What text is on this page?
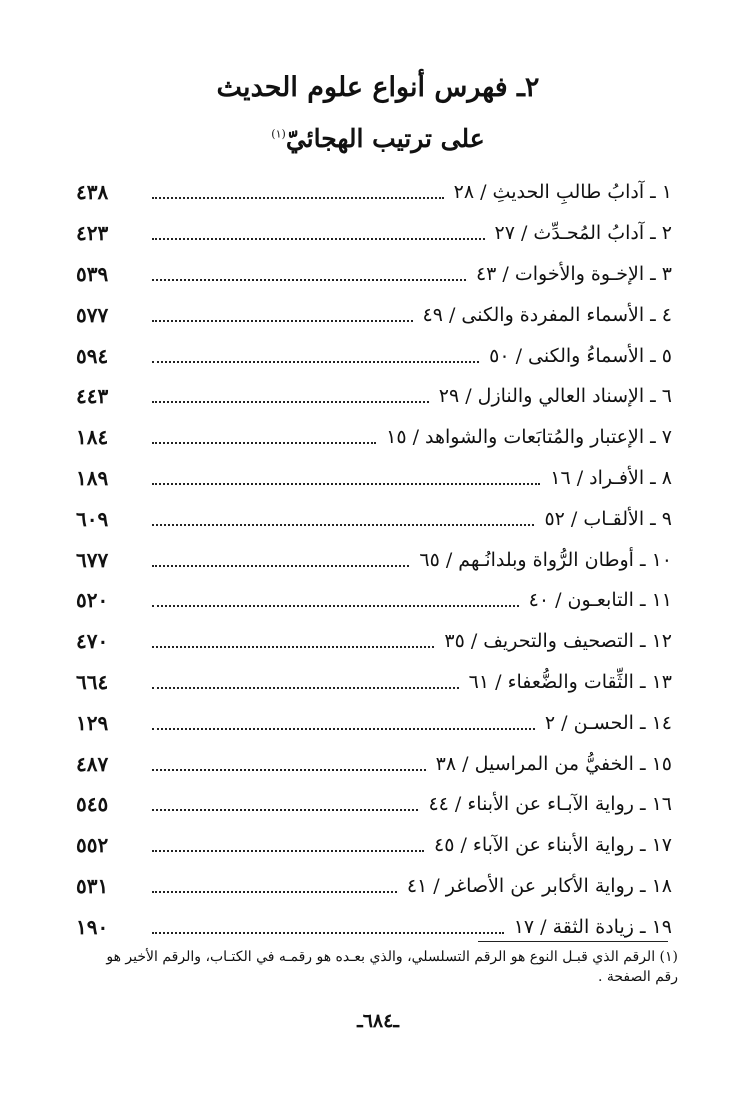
٢ـ فهرس أنواع علوم الحديث
على ترتيب الهجائيّ$^{(١)}$
٤٣٨	١ ـ آدابُ طالبِ الحديثِ / ٢٨
٤٢٣	٢ ـ آدابُ المُحـدِّث / ٢٧
٥٣٩	٣ ـ الإخـوة والأخوات / ٤٣
٥٧٧	٤ ـ الأسماء المفردة والكنى / ٤٩
٥٩٤	٥ ـ الأسماءُ والكنى / ٥٠
٤٤٣	٦ ـ الإسناد العالي والنازل / ٢٩
١٨٤	٧ ـ الإعتبار والمُتابَعات والشواهد / ١٥
١٨٩	٨ ـ الأفـراد / ١٦
٦٠٩	٩ ـ الألقـاب / ٥٢
٦٧٧	١٠ ـ أوطان الرُّواة وبلدانُـهم / ٦٥
٥٢٠	١١ ـ التابعـون / ٤٠
٤٧٠	١٢ ـ التصحيف والتحريف / ٣٥
٦٦٤	١٣ ـ الثِّقات والضُّعفاء / ٦١
١٢٩	١٤ ـ الحسـن / ٢
٤٨٧	١٥ ـ الخفيُّ من المراسيل / ٣٨
٥٤٥	١٦ ـ رواية الآبـاء عن الأبناء / ٤٤
٥٥٢	١٧ ـ رواية الأبناء عن الآباء / ٤٥
٥٣١	١٨ ـ رواية الأكابر عن الأصاغر / ٤١
١٩٠	١٩ ـ زيادة الثقة / ١٧
(١) الرقم الذي قبـل النوع هو الرقم التسلسلي، والذي بعـده هو رقمـه في الكتـاب، والرقم الأخير هو رقم الصفحة .
ـ٦٨٤ـ
